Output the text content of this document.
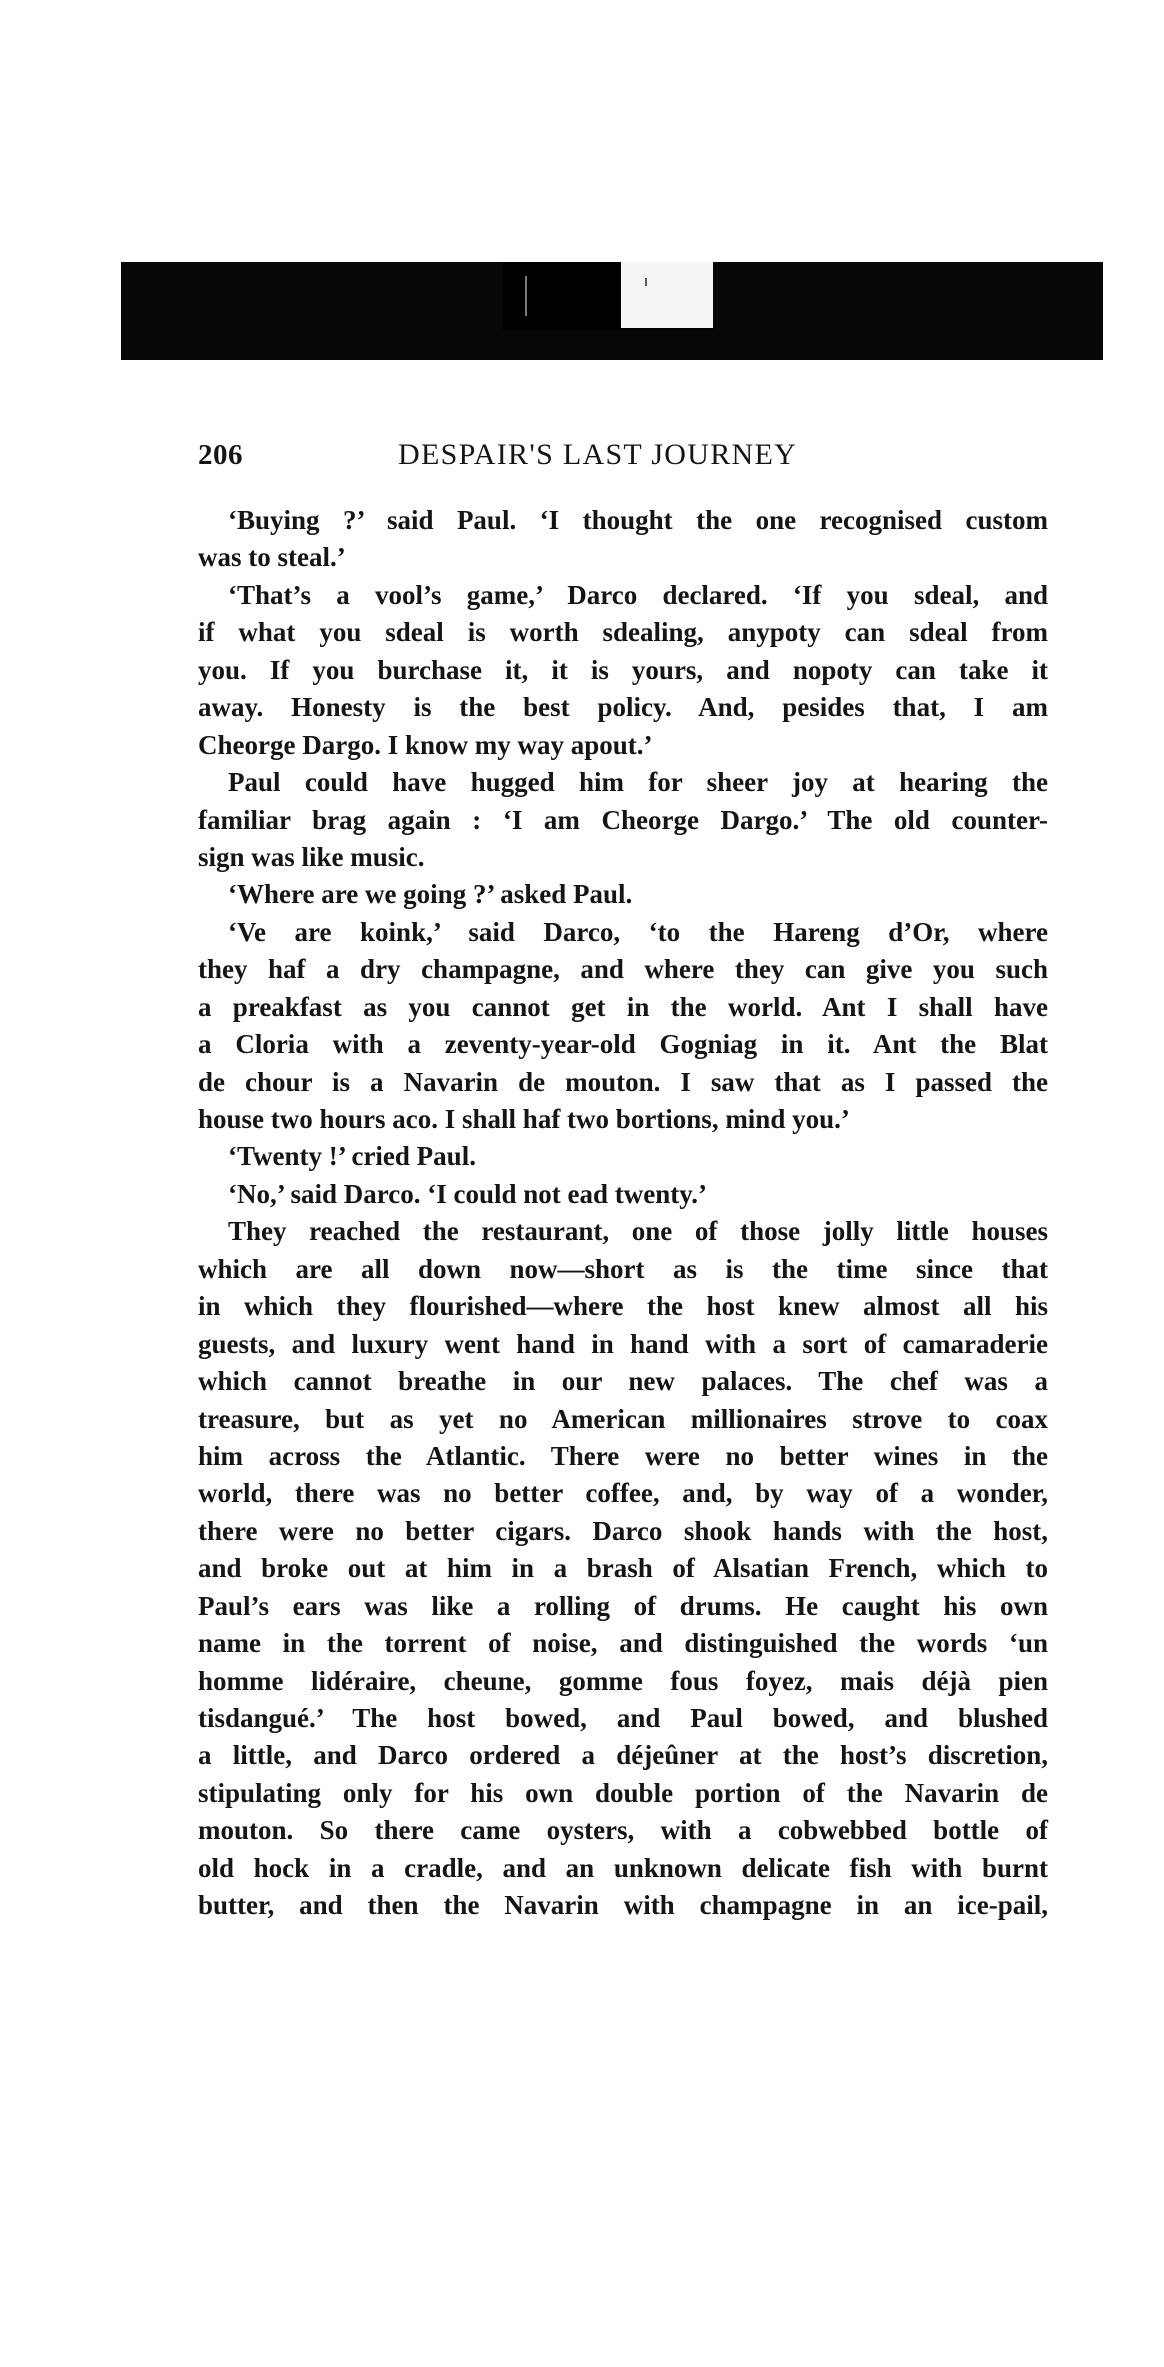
206	DESPAIR'S LAST JOURNEY
‘Buying ?’ said Paul. ‘I thought the one recognised custom
was to steal.’
‘That’s a vool’s game,’ Darco declared. ‘If you sdeal, and
if what you sdeal is worth sdealing, anypoty can sdeal from
you. If you burchase it, it is yours, and nopoty can take it
away. Honesty is the best policy. And, pesides that, I am
Cheorge Dargo. I know my way apout.’
Paul could have hugged him for sheer joy at hearing the
familiar brag again : ‘I am Cheorge Dargo.’ The old counter-
sign was like music.
‘Where are we going ?’ asked Paul.
‘Ve are koink,’ said Darco, ‘to the Hareng d’Or, where
they haf a dry champagne, and where they can give you such
a preakfast as you cannot get in the world. Ant I shall have
a Cloria with a zeventy-year-old Gogniag in it. Ant the Blat
de chour is a Navarin de mouton. I saw that as I passed the
house two hours aco. I shall haf two bortions, mind you.’
‘Twenty !’ cried Paul.
‘No,’ said Darco. ‘I could not ead twenty.’
They reached the restaurant, one of those jolly little houses
which are all down now—short as is the time since that
in which they flourished—where the host knew almost all his
guests, and luxury went hand in hand with a sort of camaraderie
which cannot breathe in our new palaces. The chef was a
treasure, but as yet no American millionaires strove to coax
him across the Atlantic. There were no better wines in the
world, there was no better coffee, and, by way of a wonder,
there were no better cigars. Darco shook hands with the host,
and broke out at him in a brash of Alsatian French, which to
Paul’s ears was like a rolling of drums. He caught his own
name in the torrent of noise, and distinguished the words ‘un
homme lidéraire, cheune, gomme fous foyez, mais déjà pien
tisdangué.’ The host bowed, and Paul bowed, and blushed
a little, and Darco ordered a déjeûner at the host’s discretion,
stipulating only for his own double portion of the Navarin de
mouton. So there came oysters, with a cobwebbed bottle of
old hock in a cradle, and an unknown delicate fish with burnt
butter, and then the Navarin with champagne in an ice-pail,
